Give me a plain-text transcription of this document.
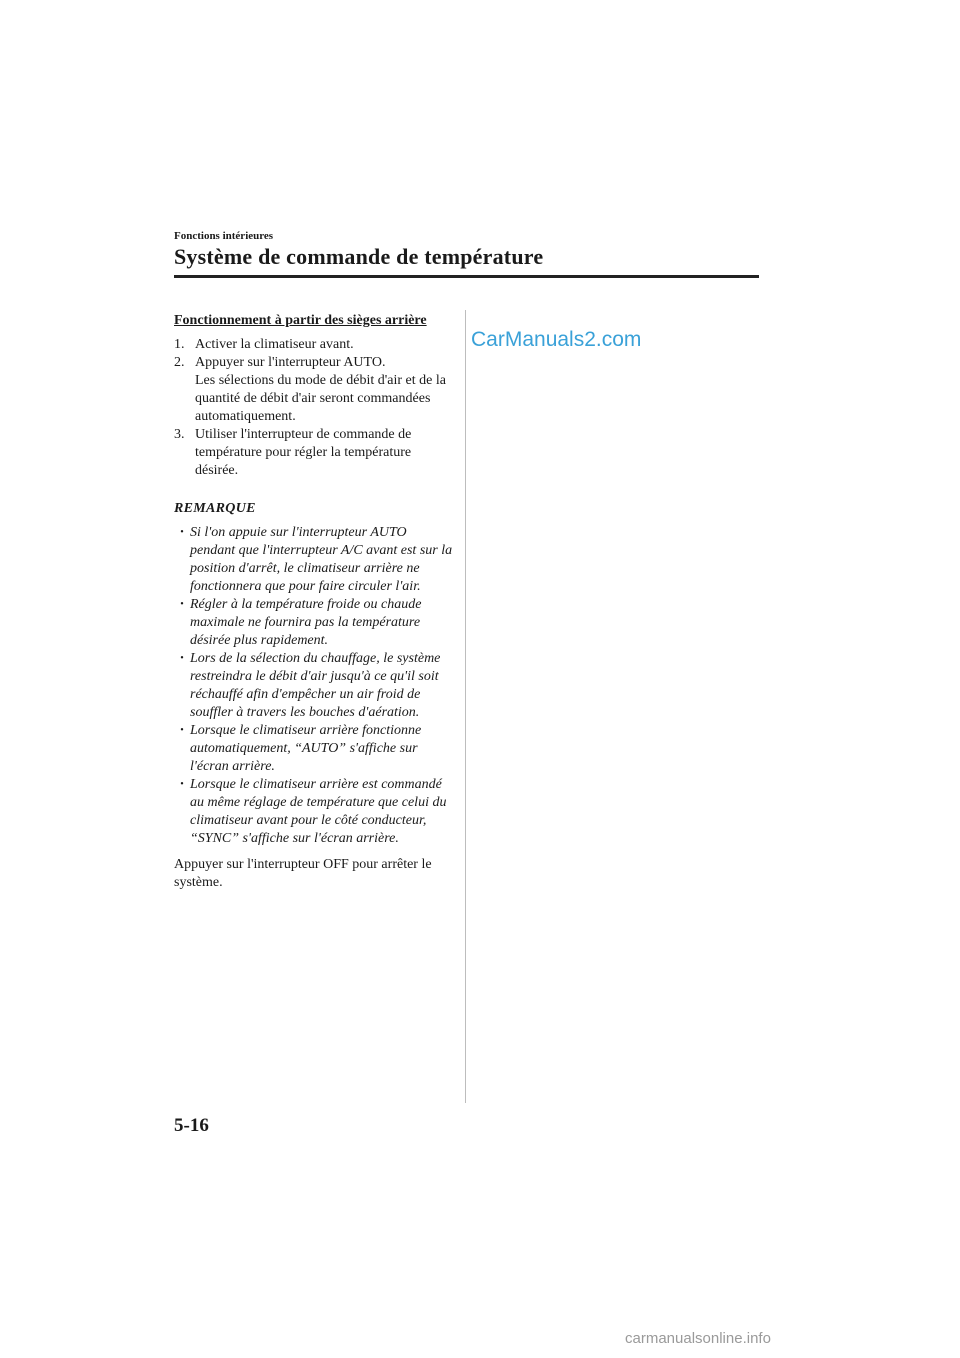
Fonctions intérieures
Système de commande de température
Fonctionnement à partir des sièges arrière
1. Activer la climatiseur avant.
2. Appuyer sur l'interrupteur AUTO.
Les sélections du mode de débit d'air et de la quantité de débit d'air seront commandées automatiquement.
3. Utiliser l'interrupteur de commande de température pour régler la température désirée.
REMARQUE
• Si l'on appuie sur l'interrupteur AUTO pendant que l'interrupteur A/C avant est sur la position d'arrêt, le climatiseur arrière ne fonctionnera que pour faire circuler l'air.
• Régler à la température froide ou chaude maximale ne fournira pas la température désirée plus rapidement.
• Lors de la sélection du chauffage, le système restreindra le débit d'air jusqu'à ce qu'il soit réchauffé afin d'empêcher un air froid de souffler à travers les bouches d'aération.
• Lorsque le climatiseur arrière fonctionne automatiquement, “AUTO” s'affiche sur l'écran arrière.
• Lorsque le climatiseur arrière est commandé au même réglage de température que celui du climatiseur avant pour le côté conducteur, “SYNC” s'affiche sur l'écran arrière.
Appuyer sur l'interrupteur OFF pour arrêter le système.
CarManuals2.com
5-16
carmanualsonline.info
